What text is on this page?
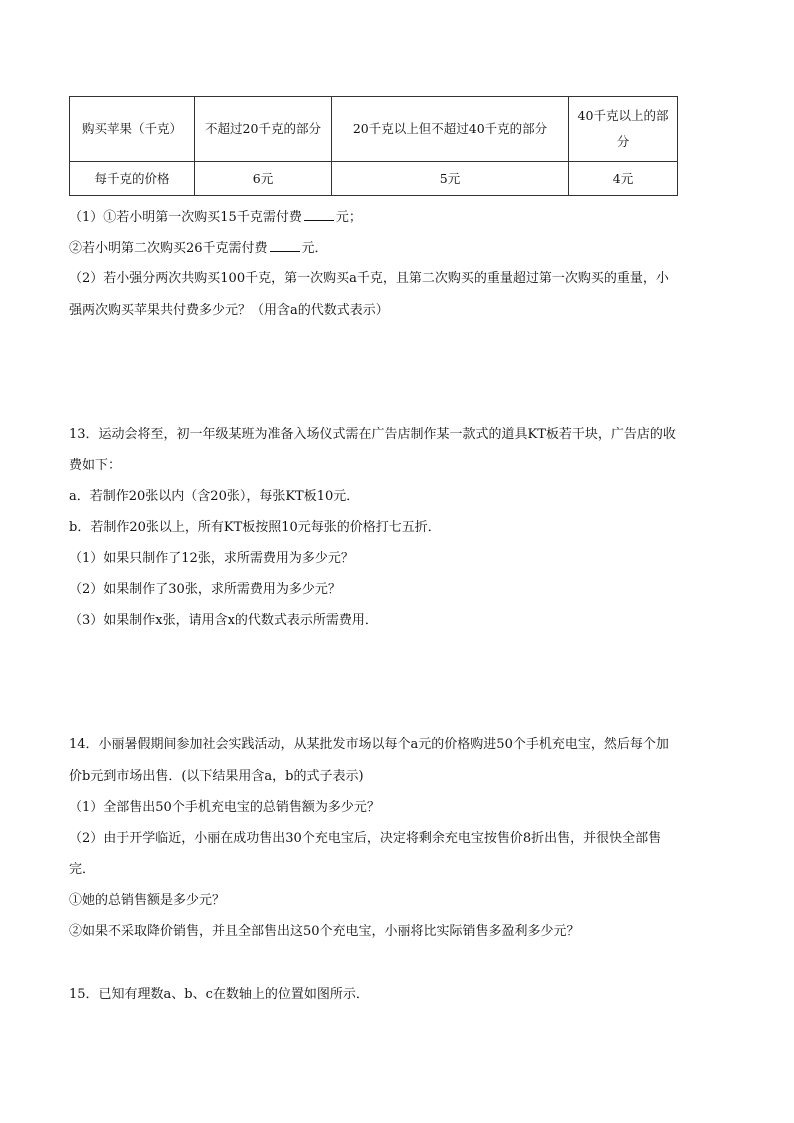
购买苹果（千克）	不超过20千克的部分	20千克以上但不超过40千克的部分	40千克以上的部分
每千克的价格	6元	5元	4元
（1）①若小明第一次购买15千克需付费	元；
②若小明第二次购买26千克需付费	元．
（2）若小强分两次共购买100千克，第一次购买a千克，且第二次购买的重量超过第一次购买的重量，小
强两次购买苹果共付费多少元？（用含a的代数式表示）
13．运动会将至，初一年级某班为准备入场仪式需在广告店制作某一款式的道具KT板若干块，广告店的收
费如下：
a．若制作20张以内（含20张），每张KT板10元．
b．若制作20张以上，所有KT板按照10元每张的价格打七五折．
（1）如果只制作了12张，求所需费用为多少元？
（2）如果制作了30张，求所需费用为多少元？
（3）如果制作x张，请用含x的代数式表示所需费用．
14．小丽暑假期间参加社会实践活动，从某批发市场以每个a元的价格购进50个手机充电宝，然后每个加
价b元到市场出售．(以下结果用含a，b的式子表示)
（1）全部售出50个手机充电宝的总销售额为多少元？
（2）由于开学临近，小丽在成功售出30个充电宝后，决定将剩余充电宝按售价8折出售，并很快全部售
完．
①她的总销售额是多少元？
②如果不采取降价销售，并且全部售出这50个充电宝，小丽将比实际销售多盈利多少元？
15．已知有理数a、b、c在数轴上的位置如图所示．
